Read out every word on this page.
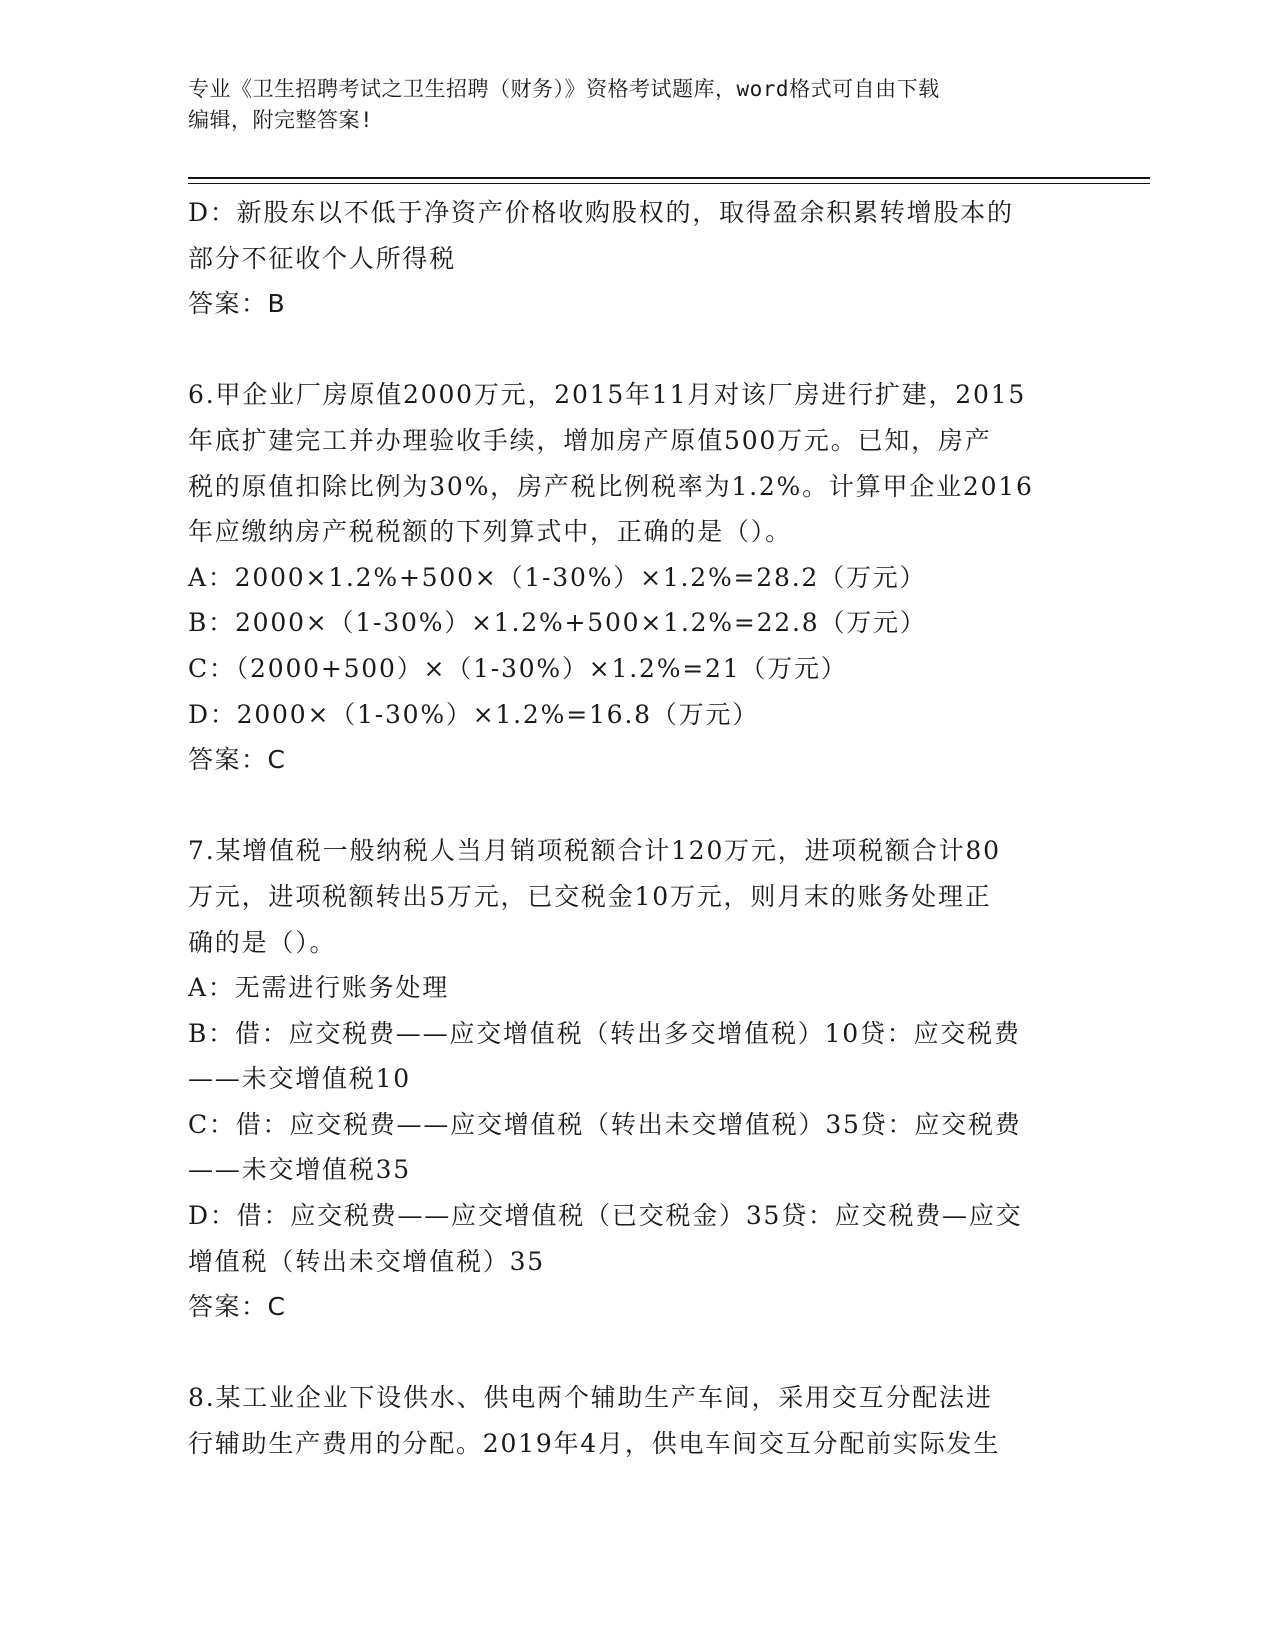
专业《卫生招聘考试之卫生招聘（财务）》资格考试题库，word格式可自由下载
编辑，附完整答案!
D：新股东以不低于净资产价格收购股权的，取得盈余积累转增股本的
部分不征收个人所得税
答案：B
6.甲企业厂房原值2000万元，2015年11月对该厂房进行扩建，2015
年底扩建完工并办理验收手续，增加房产原值500万元。已知，房产
税的原值扣除比例为30%，房产税比例税率为1.2%。计算甲企业2016
年应缴纳房产税税额的下列算式中，正确的是（）。
A：2000×1.2%+500×（1-30%）×1.2%=28.2（万元）
B：2000×（1-30%）×1.2%+500×1.2%=22.8（万元）
C：（2000+500）×（1-30%）×1.2%=21（万元）
D：2000×（1-30%）×1.2%=16.8（万元）
答案：C
7.某增值税一般纳税人当月销项税额合计120万元，进项税额合计80
万元，进项税额转出5万元，已交税金10万元，则月末的账务处理正
确的是（）。
A：无需进行账务处理
B：借：应交税费——应交增值税（转出多交增值税）10贷：应交税费
——未交增值税10
C：借：应交税费——应交增值税（转出未交增值税）35贷：应交税费
——未交增值税35
D：借：应交税费——应交增值税（已交税金）35贷：应交税费—应交
增值税（转出未交增值税）35
答案：C
8.某工业企业下设供水、供电两个辅助生产车间，采用交互分配法进
行辅助生产费用的分配。2019年4月，供电车间交互分配前实际发生
